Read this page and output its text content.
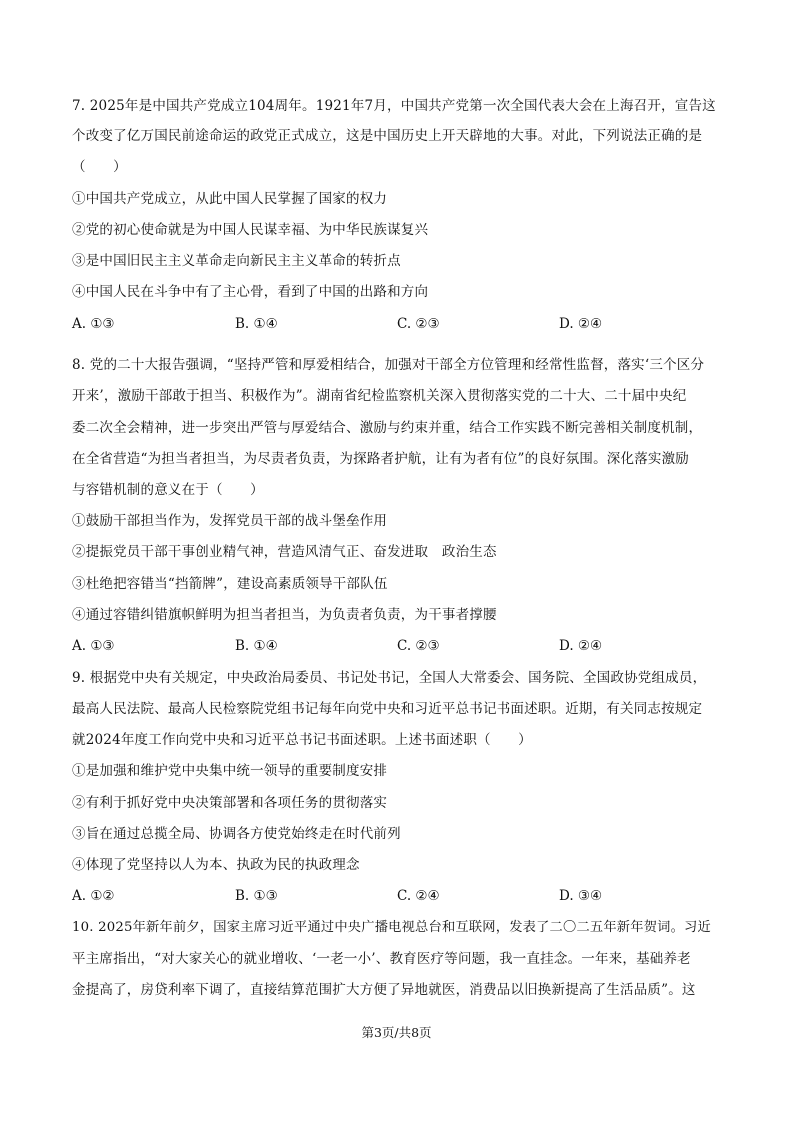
7. 2025年是中国共产党成立104周年。1921年7月，中国共产党第一次全国代表大会在上海召开，宣告这
个改变了亿万国民前途命运的政党正式成立，这是中国历史上开天辟地的大事。对此，下列说法正确的是
（　　）
①中国共产党成立，从此中国人民掌握了国家的权力
②党的初心使命就是为中国人民谋幸福、为中华民族谋复兴
③是中国旧民主主义革命走向新民主主义革命的转折点
④中国人民在斗争中有了主心骨，看到了中国的出路和方向
A. ①③	B. ①④	C. ②③	D. ②④
8. 党的二十大报告强调，“坚持严管和厚爱相结合，加强对干部全方位管理和经常性监督，落实‘三个区分
开来’，激励干部敢于担当、积极作为”。湖南省纪检监察机关深入贯彻落实党的二十大、二十届中央纪
委二次全会精神，进一步突出严管与厚爱结合、激励与约束并重，结合工作实践不断完善相关制度机制，
在全省营造“为担当者担当，为尽责者负责，为探路者护航，让有为者有位”的良好氛围。深化落实激励
与容错机制的意义在于（　　）
①鼓励干部担当作为，发挥党员干部的战斗堡垒作用
②提振党员干部干事创业精气神，营造风清气正、奋发进取　政治生态
③杜绝把容错当“挡箭牌”，建设高素质领导干部队伍
④通过容错纠错旗帜鲜明为担当者担当，为负责者负责，为干事者撑腰
A. ①③	B. ①④	C. ②③	D. ②④
9. 根据党中央有关规定，中央政治局委员、书记处书记，全国人大常委会、国务院、全国政协党组成员，
最高人民法院、最高人民检察院党组书记每年向党中央和习近平总书记书面述职。近期，有关同志按规定
就2024年度工作向党中央和习近平总书记书面述职。上述书面述职（　　）
①是加强和维护党中央集中统一领导的重要制度安排
②有利于抓好党中央决策部署和各项任务的贯彻落实
③旨在通过总揽全局、协调各方使党始终走在时代前列
④体现了党坚持以人为本、执政为民的执政理念
A. ①②	B. ①③	C. ②④	D. ③④
10. 2025年新年前夕，国家主席习近平通过中央广播电视总台和互联网，发表了二〇二五年新年贺词。习近
平主席指出，“对大家关心的就业增收、‘一老一小’、教育医疗等问题，我一直挂念。一年来，基础养老
金提高了，房贷利率下调了，直接结算范围扩大方便了异地就医，消费品以旧换新提高了生活品质”。这
第3页/共8页
